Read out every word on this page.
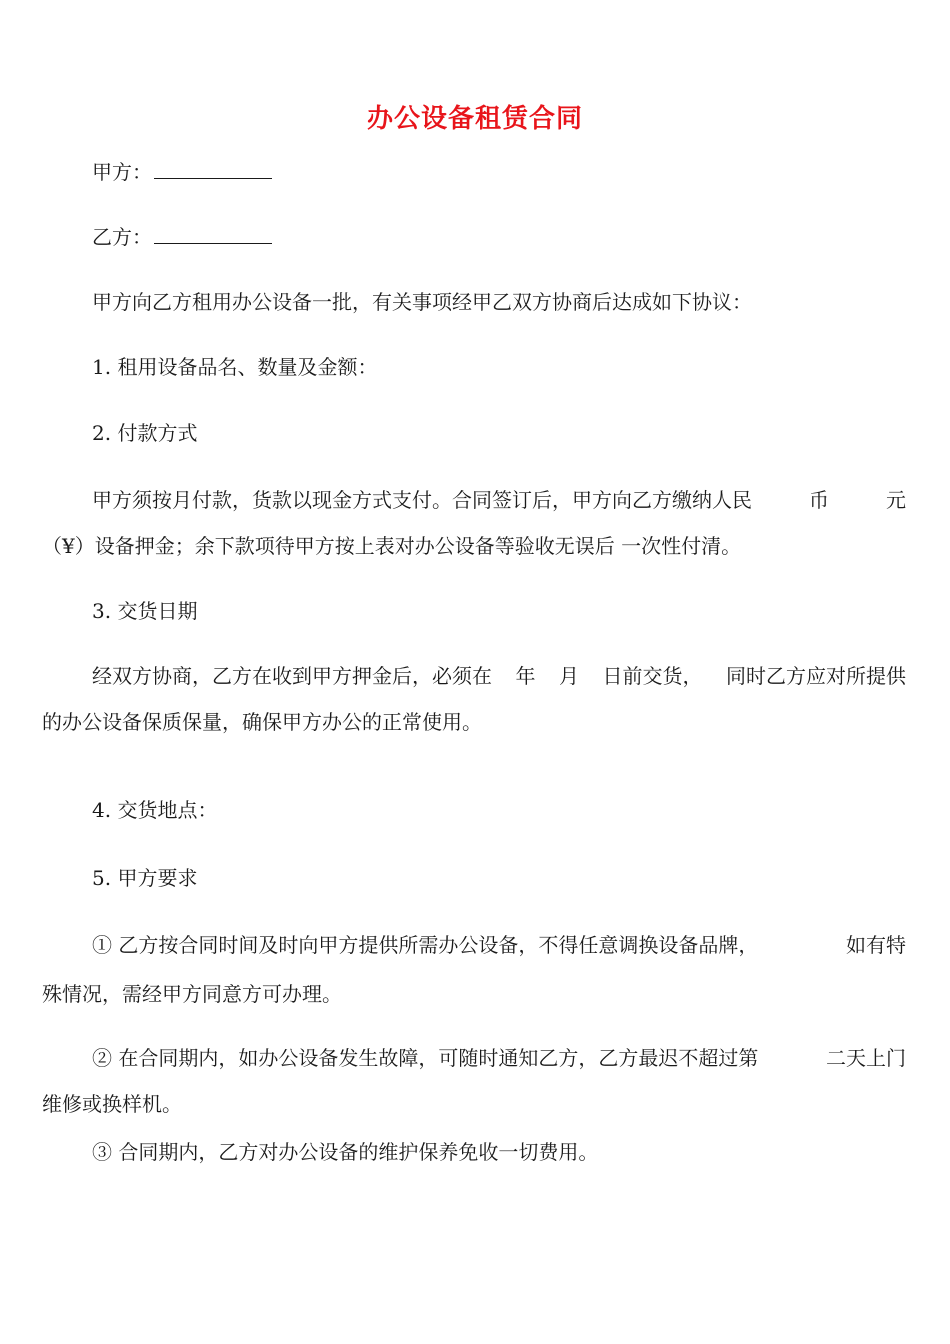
办公设备租赁合同
甲方：
乙方：
甲方向乙方租用办公设备一批，有关事项经甲乙双方协商后达成如下协议：
1. 租用设备品名、数量及金额：
2. 付款方式
甲方须按月付款，货款以现金方式支付。合同签订后，甲方向乙方缴纳人民	币	元
（¥）设备押金；余下款项待甲方按上表对办公设备等验收无误后 一次性付清。
3. 交货日期
经双方协商，乙方在收到甲方押金后，必须在 年 月 日前交货， 同时乙方应对所提供
的办公设备保质保量，确保甲方办公的正常使用。
4. 交货地点：
5. 甲方要求
① 乙方按合同时间及时向甲方提供所需办公设备，不得任意调换设备品牌，	如有特
殊情况，需经甲方同意方可办理。
② 在合同期内，如办公设备发生故障，可随时通知乙方，乙方最迟不超过第	二天上门
维修或换样机。
③ 合同期内，乙方对办公设备的维护保养免收一切费用。
